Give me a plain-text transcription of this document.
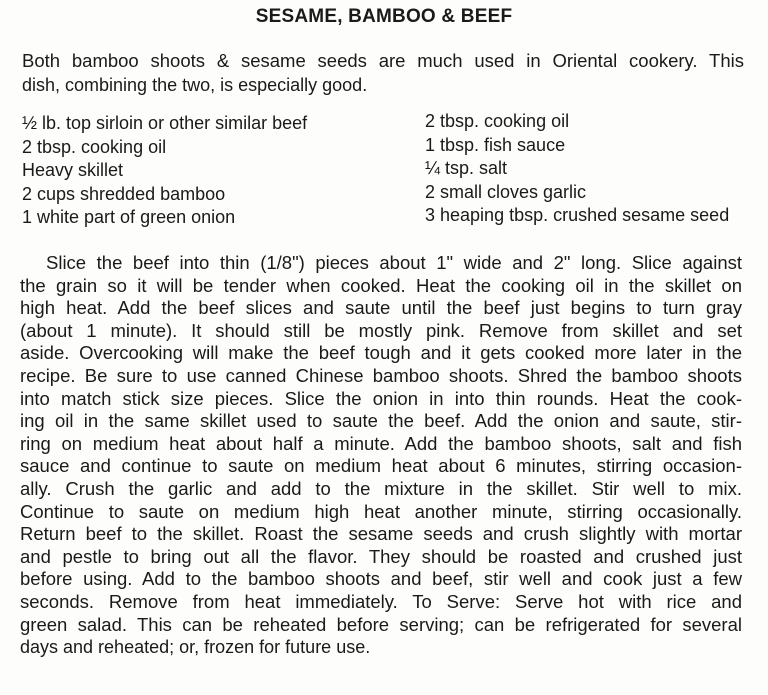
SESAME, BAMBOO & BEEF
Both bamboo shoots & sesame seeds are much used in Oriental cookery. This
dish, combining the two, is especially good.
½ lb. top sirloin or other similar beef
2 tbsp. cooking oil
Heavy skillet
2 cups shredded bamboo
1 white part of green onion
2 tbsp. cooking oil
1 tbsp. fish sauce
¼ tsp. salt
2 small cloves garlic
3 heaping tbsp. crushed sesame seed
Slice the beef into thin (1/8") pieces about 1" wide and 2" long. Slice against
the grain so it will be tender when cooked. Heat the cooking oil in the skillet on
high heat. Add the beef slices and saute until the beef just begins to turn gray
(about 1 minute). It should still be mostly pink. Remove from skillet and set
aside. Overcooking will make the beef tough and it gets cooked more later in the
recipe. Be sure to use canned Chinese bamboo shoots. Shred the bamboo shoots
into match stick size pieces. Slice the onion in into thin rounds. Heat the cook-
ing oil in the same skillet used to saute the beef. Add the onion and saute, stir-
ring on medium heat about half a minute. Add the bamboo shoots, salt and fish
sauce and continue to saute on medium heat about 6 minutes, stirring occasion-
ally. Crush the garlic and add to the mixture in the skillet. Stir well to mix.
Continue to saute on medium high heat another minute, stirring occasionally.
Return beef to the skillet. Roast the sesame seeds and crush slightly with mortar
and pestle to bring out all the flavor. They should be roasted and crushed just
before using. Add to the bamboo shoots and beef, stir well and cook just a few
seconds. Remove from heat immediately. To Serve: Serve hot with rice and
green salad. This can be reheated before serving; can be refrigerated for several
days and reheated; or, frozen for future use.
